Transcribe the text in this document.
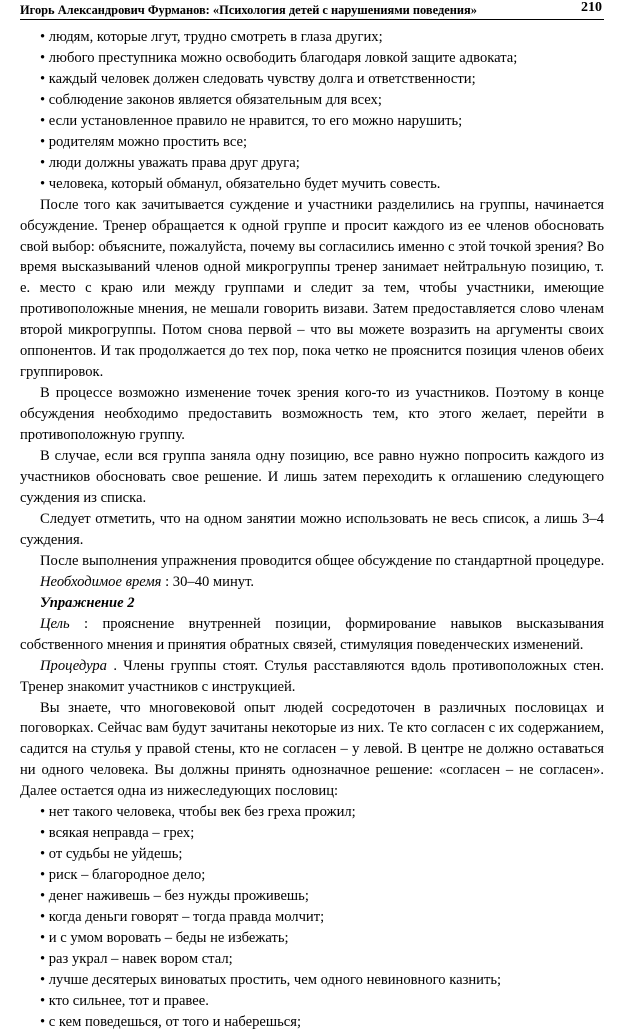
Игорь Александрович Фурманов: «Психология детей с нарушениями поведения»	210
• людям, которые лгут, трудно смотреть в глаза других;
• любого преступника можно освободить благодаря ловкой защите адвоката;
• каждый человек должен следовать чувству долга и ответственности;
• соблюдение законов является обязательным для всех;
• если установленное правило не нравится, то его можно нарушить;
• родителям можно простить все;
• люди должны уважать права друг друга;
• человека, который обманул, обязательно будет мучить совесть.
После того как зачитывается суждение и участники разделились на группы, начинается обсуждение. Тренер обращается к одной группе и просит каждого из ее членов обосновать свой выбор: объясните, пожалуйста, почему вы согласились именно с этой точкой зрения? Во время высказываний членов одной микрогруппы тренер занимает нейтральную позицию, т. е. место с краю или между группами и следит за тем, чтобы участники, имеющие противоположные мнения, не мешали говорить визави. Затем предоставляется слово членам второй микрогруппы. Потом снова первой – что вы можете возразить на аргументы своих оппонентов. И так продолжается до тех пор, пока четко не прояснится позиция членов обеих группировок.
В процессе возможно изменение точек зрения кого-то из участников. Поэтому в конце обсуждения необходимо предоставить возможность тем, кто этого желает, перейти в противоположную группу.
В случае, если вся группа заняла одну позицию, все равно нужно попросить каждого из участников обосновать свое решение. И лишь затем переходить к оглашению следующего суждения из списка.
Следует отметить, что на одном занятии можно использовать не весь список, а лишь 3–4 суждения.
После выполнения упражнения проводится общее обсуждение по стандартной процедуре.
Необходимое время : 30–40 минут.
Упражнение 2
Цель : прояснение внутренней позиции, формирование навыков высказывания собственного мнения и принятия обратных связей, стимуляция поведенческих изменений.
Процедура . Члены группы стоят. Стулья расставляются вдоль противоположных стен. Тренер знакомит участников с инструкцией.
Вы знаете, что многовековой опыт людей сосредоточен в различных пословицах и поговорках. Сейчас вам будут зачитаны некоторые из них. Те кто согласен с их содержанием, садится на стулья у правой стены, кто не согласен – у левой. В центре не должно оставаться ни одного человека. Вы должны принять однозначное решение: «согласен – не согласен». Далее остается одна из нижеследующих пословиц:
• нет такого человека, чтобы век без греха прожил;
• всякая неправда – грех;
• от судьбы не уйдешь;
• риск – благородное дело;
• денег наживешь – без нужды проживешь;
• когда деньги говорят – тогда правда молчит;
• и с умом воровать – беды не избежать;
• раз украл – навек вором стал;
• лучше десятерых виноватых простить, чем одного невиновного казнить;
• кто сильнее, тот и правее.
• с кем поведешься, от того и наберешься;
